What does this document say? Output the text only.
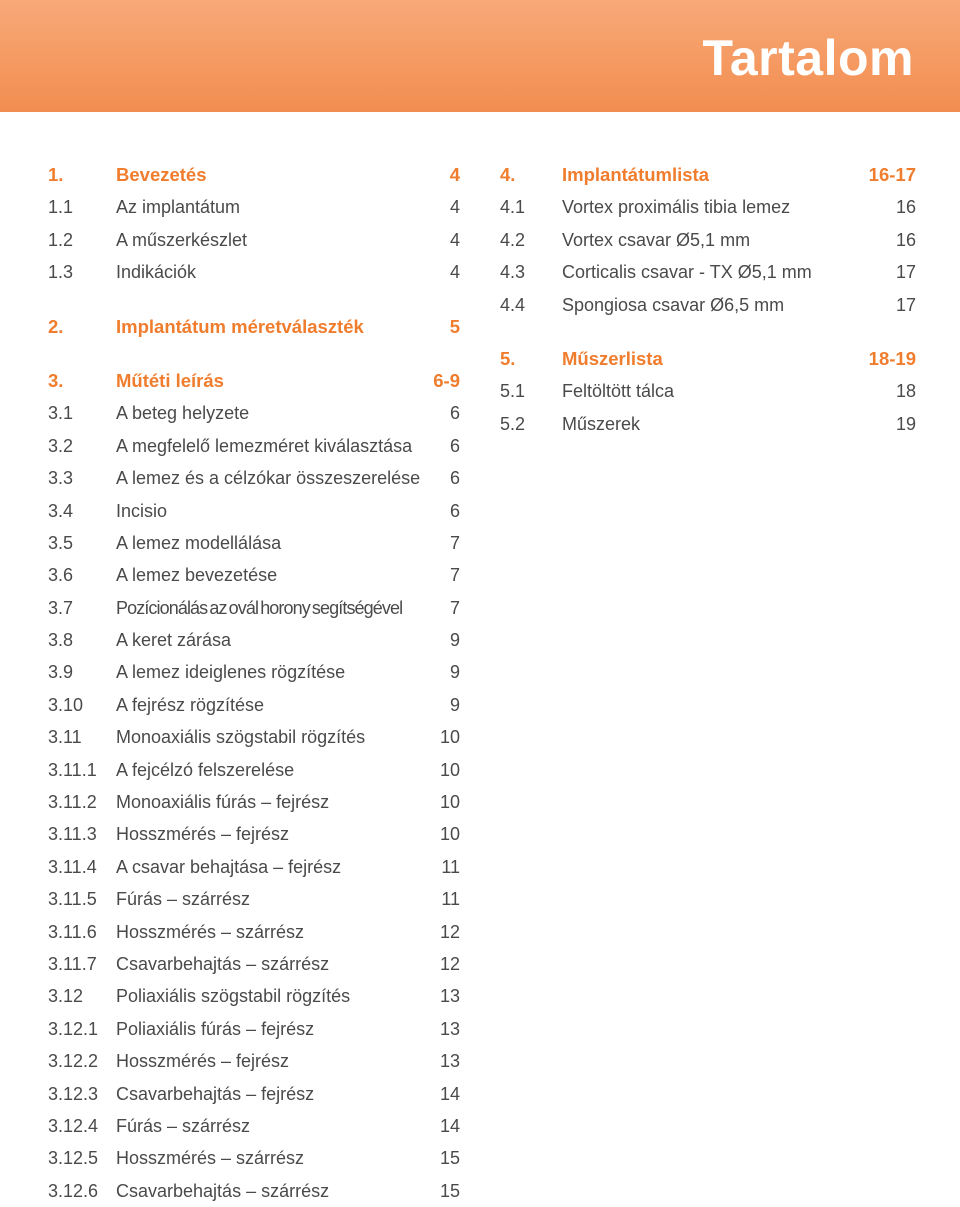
Tartalom
1.	Bevezetés	4
1.1 Az implantátum	4
1.2 A műszerkészlet	4
1.3 Indikációk	4
2.	Implantátum méretválaszték	5
3.	Műtéti leírás	6-9
3.1 A beteg helyzete	6
3.2 A megfelelő lemezméret kiválasztása 6
3.3 A lemez és a célzókar összeszerelése 6
3.4 Incisio	6
3.5 A lemez modellálása	7
3.6 A lemez bevezetése	7
3.7 Pozícionálás az ovál horony segítségével	7
3.8 A keret zárása	9
3.9 A lemez ideiglenes rögzítése	9
3.10 A fejrész rögzítése	9
3.11 Monoaxiális szögstabil rögzítés	10
3.11.1 A fejcélzó felszerelése	10
3.11.2 Monoaxiális fúrás – fejrész	10
3.11.3 Hosszmérés – fejrész	10
3.11.4 A csavar behajtása – fejrész	11
3.11.5 Fúrás – szárrész	11
3.11.6 Hosszmérés – szárrész	12
3.11.7 Csavarbehajtás – szárrész	12
3.12 Poliaxiális szögstabil rögzítés	13
3.12.1 Poliaxiális fúrás – fejrész	13
3.12.2 Hosszmérés – fejrész	13
3.12.3 Csavarbehajtás – fejrész	14
3.12.4 Fúrás – szárrész	14
3.12.5 Hosszmérés – szárrész	15
3.12.6 Csavarbehajtás – szárrész	15
4.	Implantátumlista	16-17
4.1 Vortex proximális tibia lemez	16
4.2 Vortex csavar Ø5,1 mm	16
4.3 Corticalis csavar - TX Ø5,1 mm	17
4.4 Spongiosa csavar Ø6,5 mm	17
5.	Műszerlista	18-19
5.1 Feltöltött tálca	18
5.2 Műszerek	19
